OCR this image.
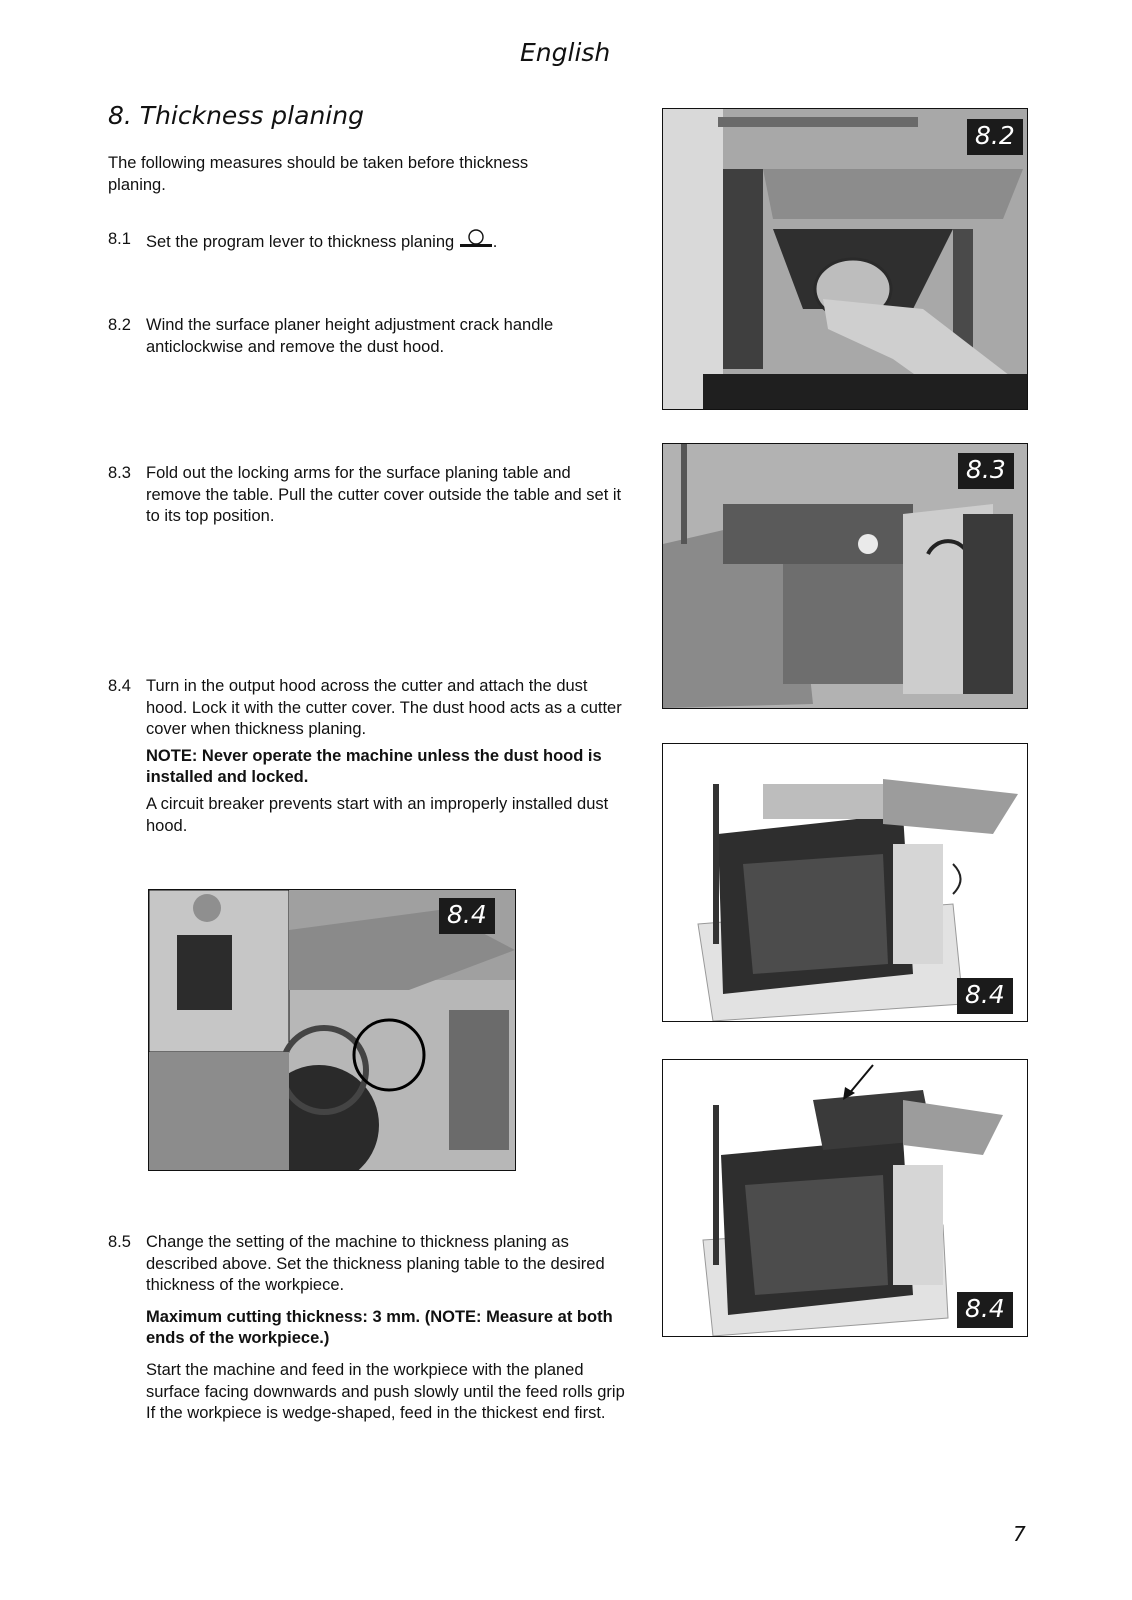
English
8. Thickness planing
The following measures should be taken before thickness planing.
8.1 Set the program lever to thickness planing .
8.2 Wind the surface planer height adjustment crack handle anticlockwise and remove the dust hood.

8.3 Fold out the locking arms for the surface planing table and remove the table. Pull the cutter cover outside the table and set it to its top position.

8.4 Turn in the output hood across the cutter and attach the dust hood. Lock it with the cutter cover. The dust hood acts as a cutter cover when thickness planing.

NOTE: Never operate the machine unless the dust hood is installed and locked.

A circuit breaker prevents start with an improperly installed dust hood.

8.5 Change the setting of the machine to thickness planing as described above. Set the thickness planing table to the desired thickness of the workpiece.

Maximum cutting thickness: 3 mm. (NOTE: Measure at both ends of the workpiece.)

Start the machine and feed in the workpiece with the planed surface facing downwards and push slowly until the feed rolls grip If the workpiece is wedge-shaped, feed in the thickest end first.

8.2
8.3
8.4
8.4
8.4
7
